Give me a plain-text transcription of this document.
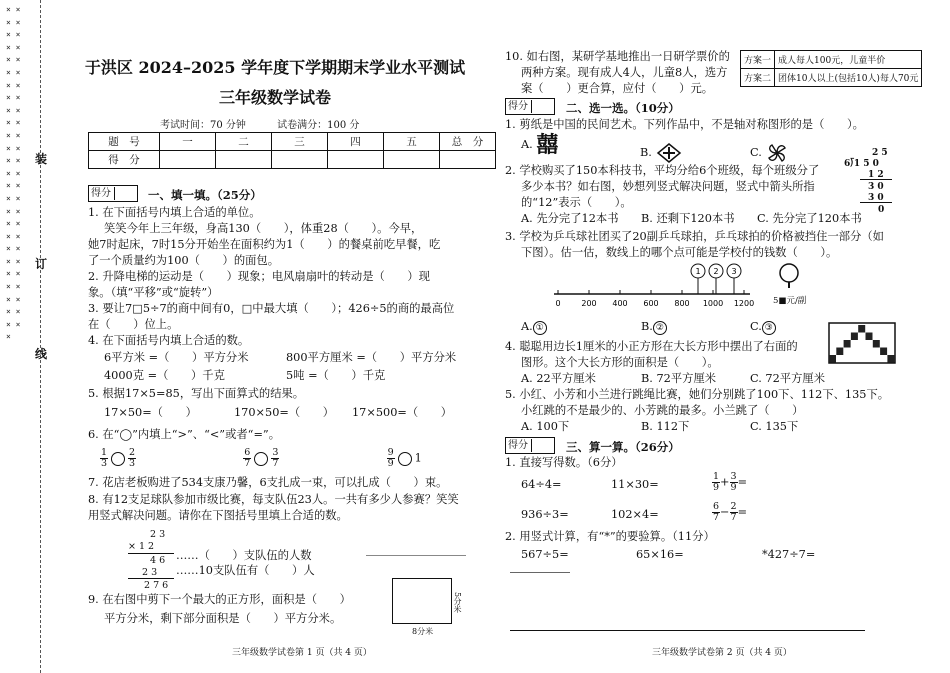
× × × × × × × × × × × × × × × × × × × × × × × × × × × × × × × × × × × × × × × × × × × × × × × × × × × × ×
装
订
线
于洪区 2024–2025 学年度下学期期末学业水平测试
三年级数学试卷
考试时间：70 分钟	试卷满分：100 分
题　号	一	二	三	四	五	总　分
得　分						
得分	一、填一填。（25分）
1. 在下面括号内填上合适的单位。
笑笑今年上三年级，身高130（　　），体重28（　　）。今早，
她7时起床，7时15分开始坐在面积约为1（　　）的餐桌前吃早餐，吃
了一个质量约为100（　　）的面包。
2. 升降电梯的运动是（　　）现象；电风扇扇叶的转动是（　　）现
象。（填“平移”或“旋转”）
3. 要让7□5÷7的商中间有0，□中最大填（　　）；426÷5的商的最高位
在（　　）位上。
4. 在下面括号内填上合适的数。
6平方米 =（　　）平方分米	800平方厘米 =（　　）平方分米
4000克 =（　　）千克	5吨 =（　　）千克
5. 根据17×5=85，写出下面算式的结果。
17×50=（　　）	170×50=（　　） 17×500=（　　）
6. 在“◯”内填上“>”、“<”或者“=”。
$\frac{1}{3} \frac{2}{3}$
	$\frac{6}{7} \frac{3}{7}$
	$\frac{9}{9} 1$
7. 花店老板购进了534支康乃馨，6支扎成一束，可以扎成（　　）束。
8. 有12支足球队参加市级比赛，每支队伍23人。一共有多少人参赛？笑笑
用竖式解决问题。请你在下图括号里填上合适的数。
2 3
× 1 2
4 6 ……（　　）支队伍的人数
2 3 ……10支队伍有（　　）人
2 7 6
9. 在右图中剪下一个最大的正方形，面积是（　　）
平方分米，剩下部分面积是（　　）平方分米。
8分米
5分米
三年级数学试卷第 1 页（共 4 页）
10. 如右图，某研学基地推出一日研学票价的
两种方案。现有成人4人，儿童8人，选方
案（　　）更合算，应付（　　）元。
方案一	成人每人100元，儿童半价
方案二	团体10人以上(包括10人)每人70元
得分	二、选一选。（10分）
1. 剪纸是中国的民间艺术。下列作品中，不是轴对称图形的是（　　）。
A. 囍	B.	C.	2 5
6⟌1 5 0
1 2
3 0
3 0
0
2. 学校购买了150本科技书，平均分给6个班级，每个班级分了
多少本书？如右图，妙想列竖式解决问题，竖式中箭头所指
的“12”表示（　　）。
A. 先分完了12本书 B. 还剩下120本书 C. 先分完了120本书
3. 学校为乒乓球社团买了20副乒乓球拍，乒乓球拍的价格被挡住一部分（如
下图）。估一估，数线上的哪个点可能是学校付的钱数（　　）。
0	200 400 600 800 1000 1200
1 2 3
5■元/副
A. ①	B. ②	C. ③
4. 聪聪用边长1厘米的小正方形在大长方形中摆出了右面的
图形。这个大长方形的面积是（　　）。
A. 22平方厘米	B. 72平方厘米	C. 72平方厘米
5. 小红、小芳和小兰进行跳绳比赛，她们分别跳了100下、112下、135下。
小红跳的不是最少的、小芳跳的最多。小兰跳了（　　）
A. 100下	B. 112下	C. 135下
得分	三、算一算。（26分）
1. 直接写得数。（6分）
64÷4=	11×30=	$\frac{1}{9} + \frac{3}{9}$ =
936÷3=	102×4=	$\frac{6}{7} - \frac{2}{7}$ =
2. 用竖式计算，有“*”的要验算。（11分）
567÷5=	65×16=	*427÷7=
三年级数学试卷第 2 页（共 4 页）
